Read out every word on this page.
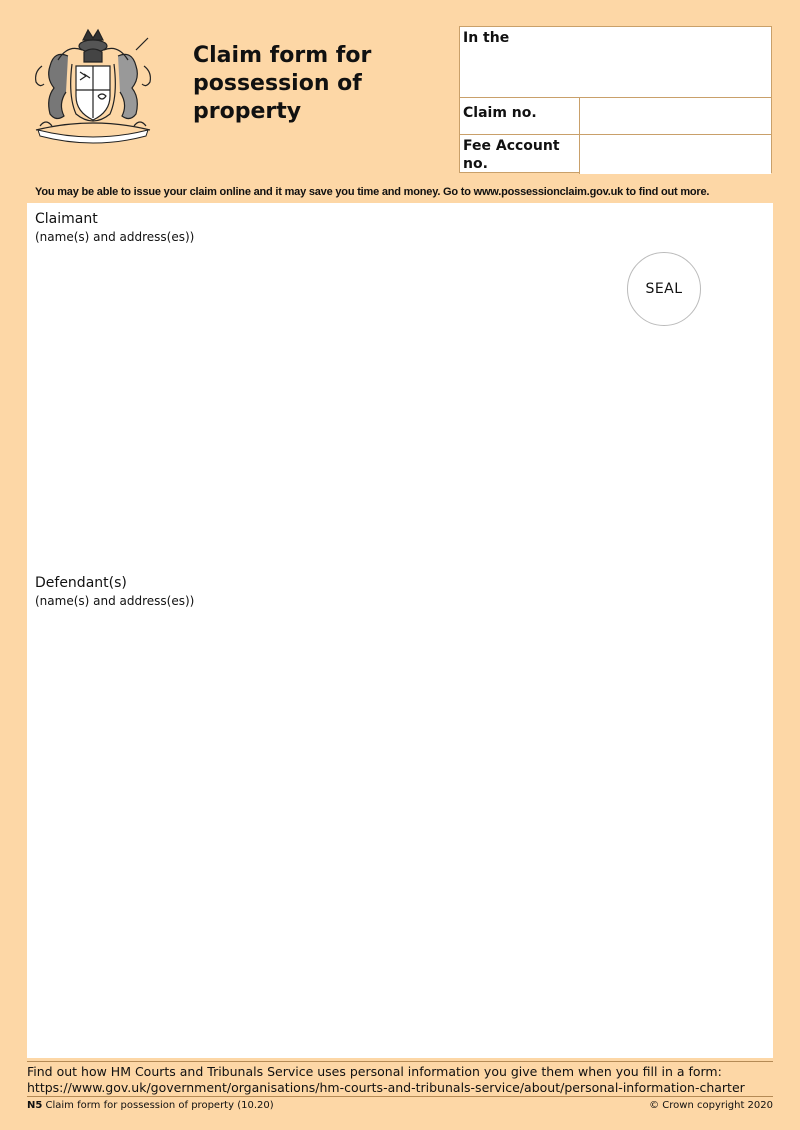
Claim form for possession of property
In the
Claim no.
Fee Account no.
You may be able to issue your claim online and it may save you time and money. Go to www.possessionclaim.gov.uk to find out more.
Claimant
(name(s) and address(es))
SEAL
Defendant(s)
(name(s) and address(es))
Find out how HM Courts and Tribunals Service uses personal information you give them when you fill in a form:
https://www.gov.uk/government/organisations/hm-courts-and-tribunals-service/about/personal-information-charter
N5 Claim form for possession of property (10.20)	© Crown copyright 2020
